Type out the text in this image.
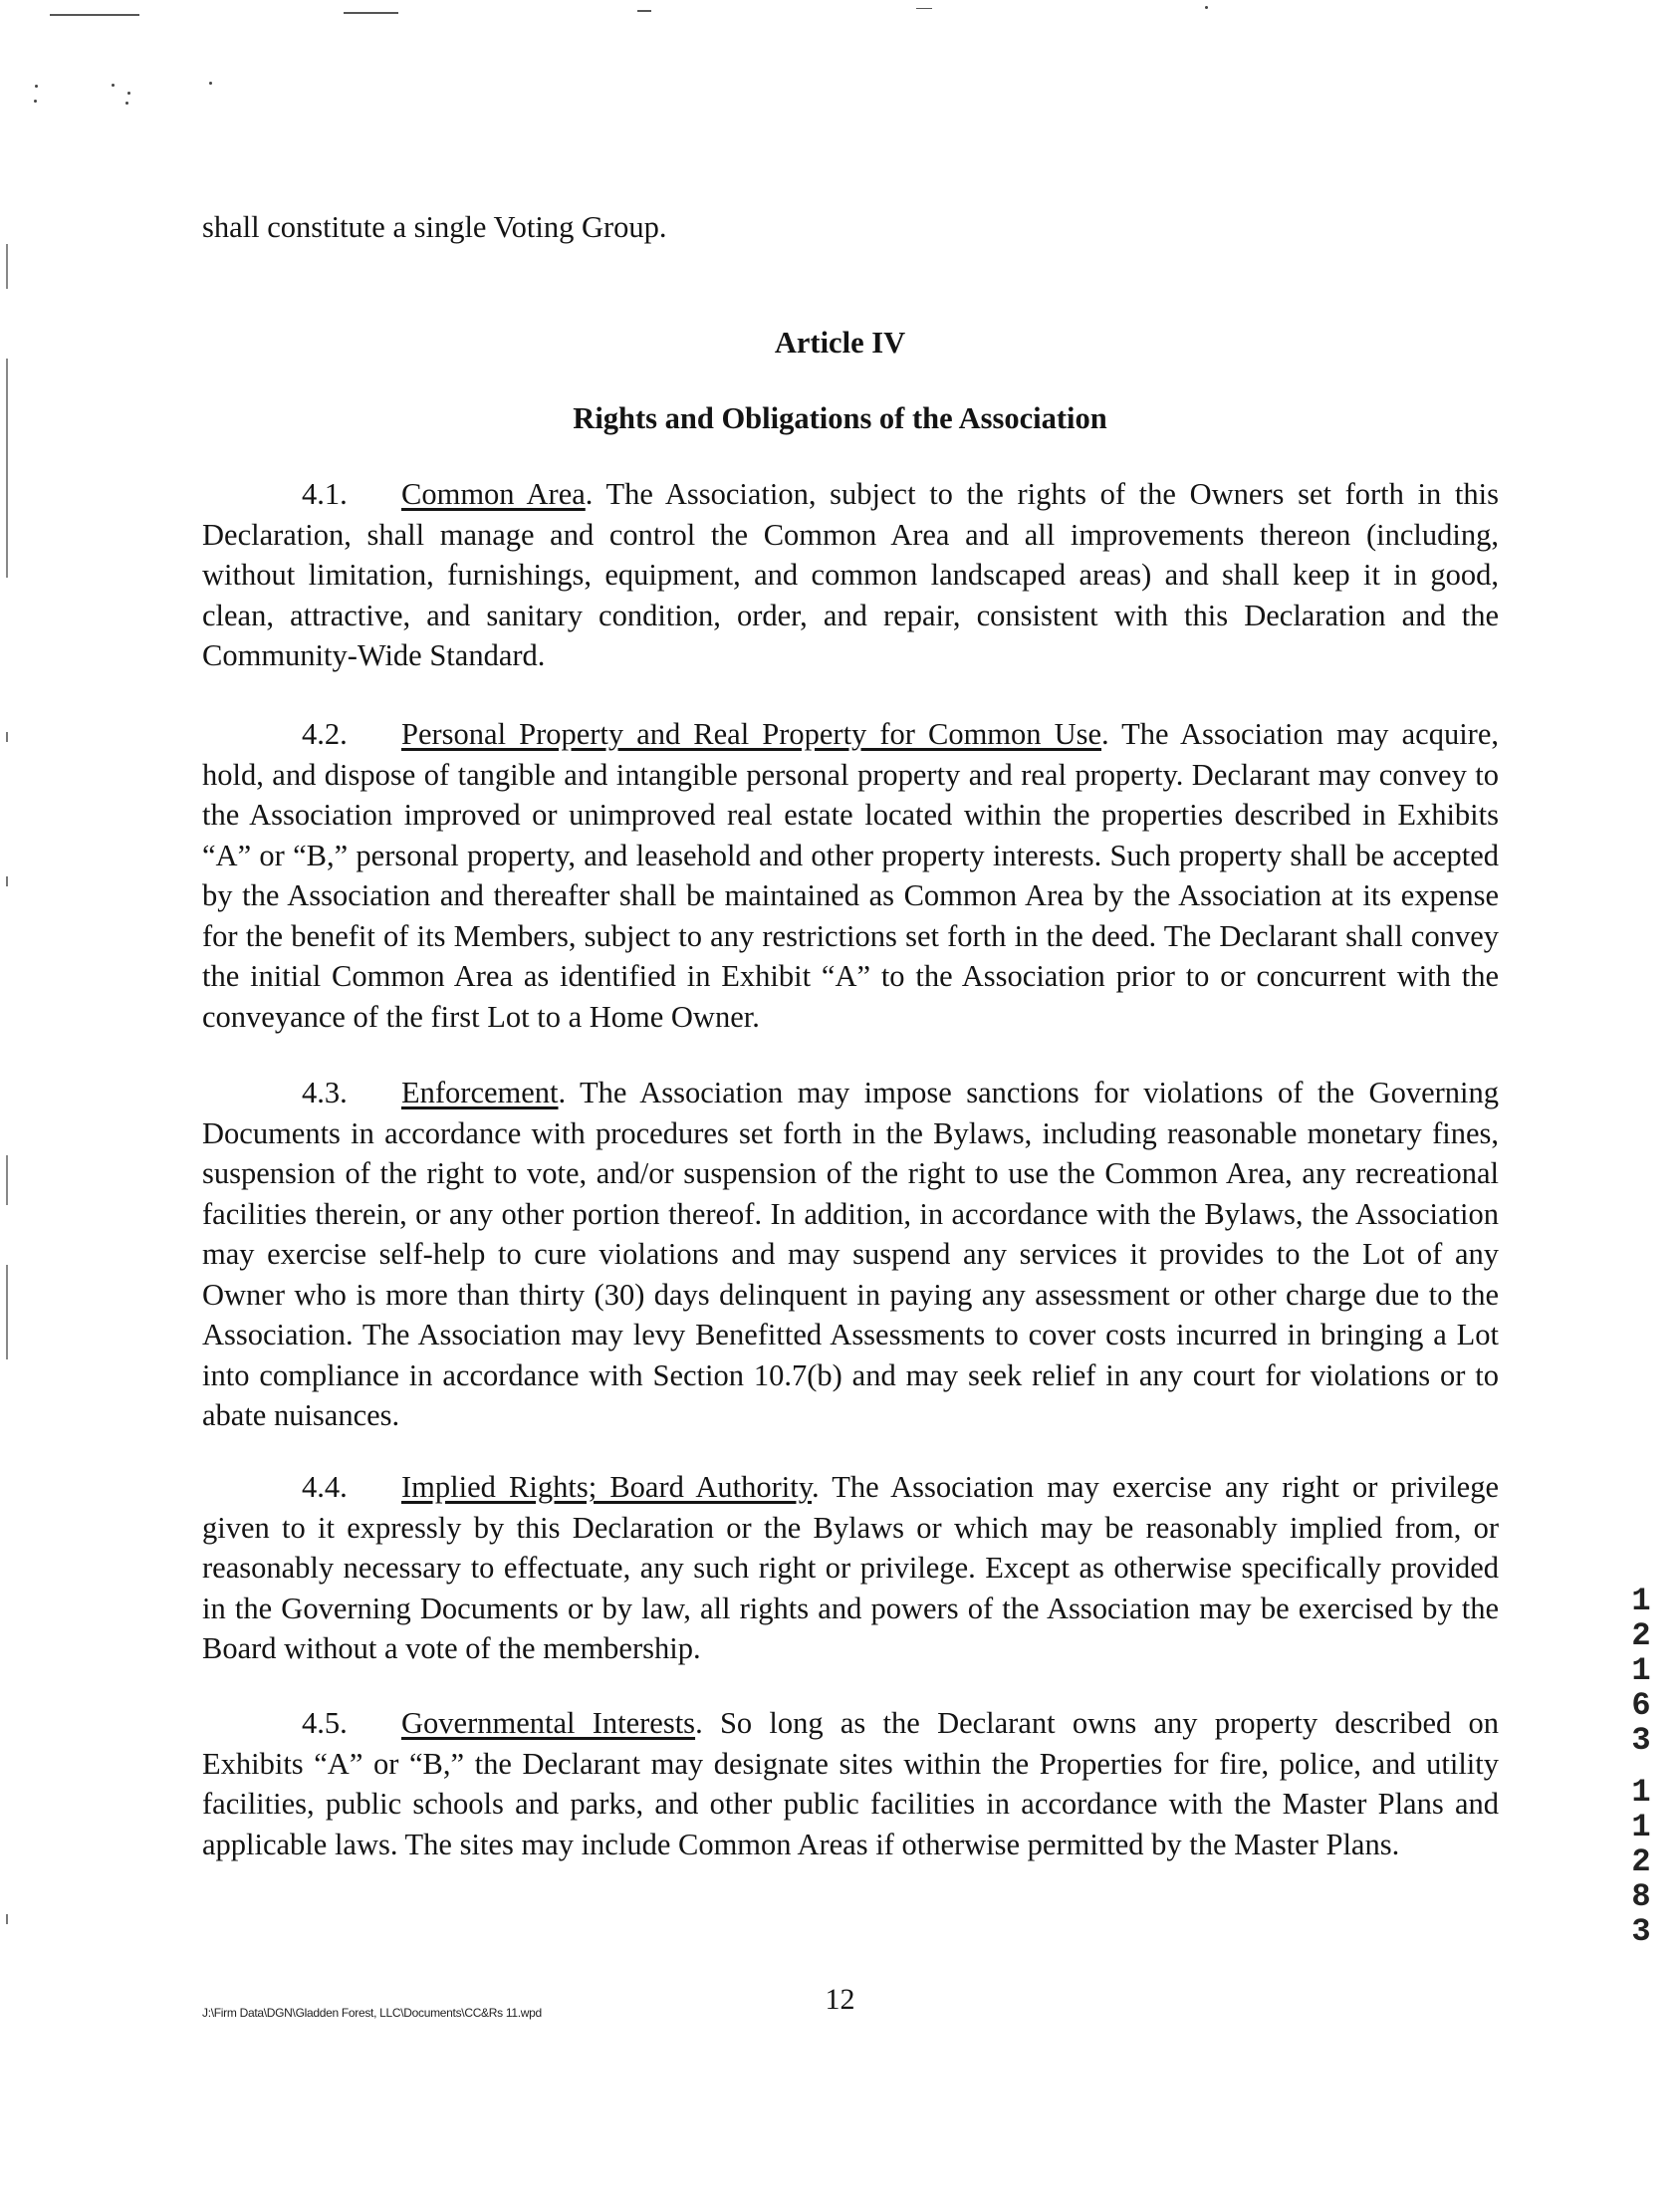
shall constitute a single Voting Group.
Article IV
Rights and Obligations of the Association

4.1. Common Area. The Association, subject to the rights of the Owners set forth in this Declaration, shall manage and control the Common Area and all improvements thereon (including, without limitation, furnishings, equipment, and common landscaped areas) and shall keep it in good, clean, attractive, and sanitary condition, order, and repair, consistent with this Declaration and the Community-Wide Standard.

4.2. Personal Property and Real Property for Common Use. The Association may acquire, hold, and dispose of tangible and intangible personal property and real property. Declarant may convey to the Association improved or unimproved real estate located within the properties described in Exhibits “A” or “B,” personal property, and leasehold and other property interests. Such property shall be accepted by the Association and thereafter shall be maintained as Common Area by the Association at its expense for the benefit of its Members, subject to any restrictions set forth in the deed. The Declarant shall convey the initial Common Area as identified in Exhibit “A” to the Association prior to or concurrent with the conveyance of the first Lot to a Home Owner.

4.3. Enforcement. The Association may impose sanctions for violations of the Governing Documents in accordance with procedures set forth in the Bylaws, including reasonable monetary fines, suspension of the right to vote, and/or suspension of the right to use the Common Area, any recreational facilities therein, or any other portion thereof. In addition, in accordance with the Bylaws, the Association may exercise self-help to cure violations and may suspend any services it provides to the Lot of any Owner who is more than thirty (30) days delinquent in paying any assessment or other charge due to the Association. The Association may levy Benefitted Assessments to cover costs incurred in bringing a Lot into compliance in accordance with Section 10.7(b) and may seek relief in any court for violations or to abate nuisances.

4.4. Implied Rights; Board Authority. The Association may exercise any right or privilege given to it expressly by this Declaration or the Bylaws or which may be reasonably implied from, or reasonably necessary to effectuate, any such right or privilege. Except as otherwise specifically provided in the Governing Documents or by law, all rights and powers of the Association may be exercised by the Board without a vote of the membership.

4.5. Governmental Interests. So long as the Declarant owns any property described on Exhibits “A” or “B,” the Declarant may designate sites within the Properties for fire, police, and utility facilities, public schools and parks, and other public facilities in accordance with the Master Plans and applicable laws. The sites may include Common Areas if otherwise permitted by the Master Plans.

J:\Firm Data\DGN\Gladden Forest, LLC\Documents\CC&Rs 11.wpd	12
1
2
1
6
3
1
1
2
8
3
